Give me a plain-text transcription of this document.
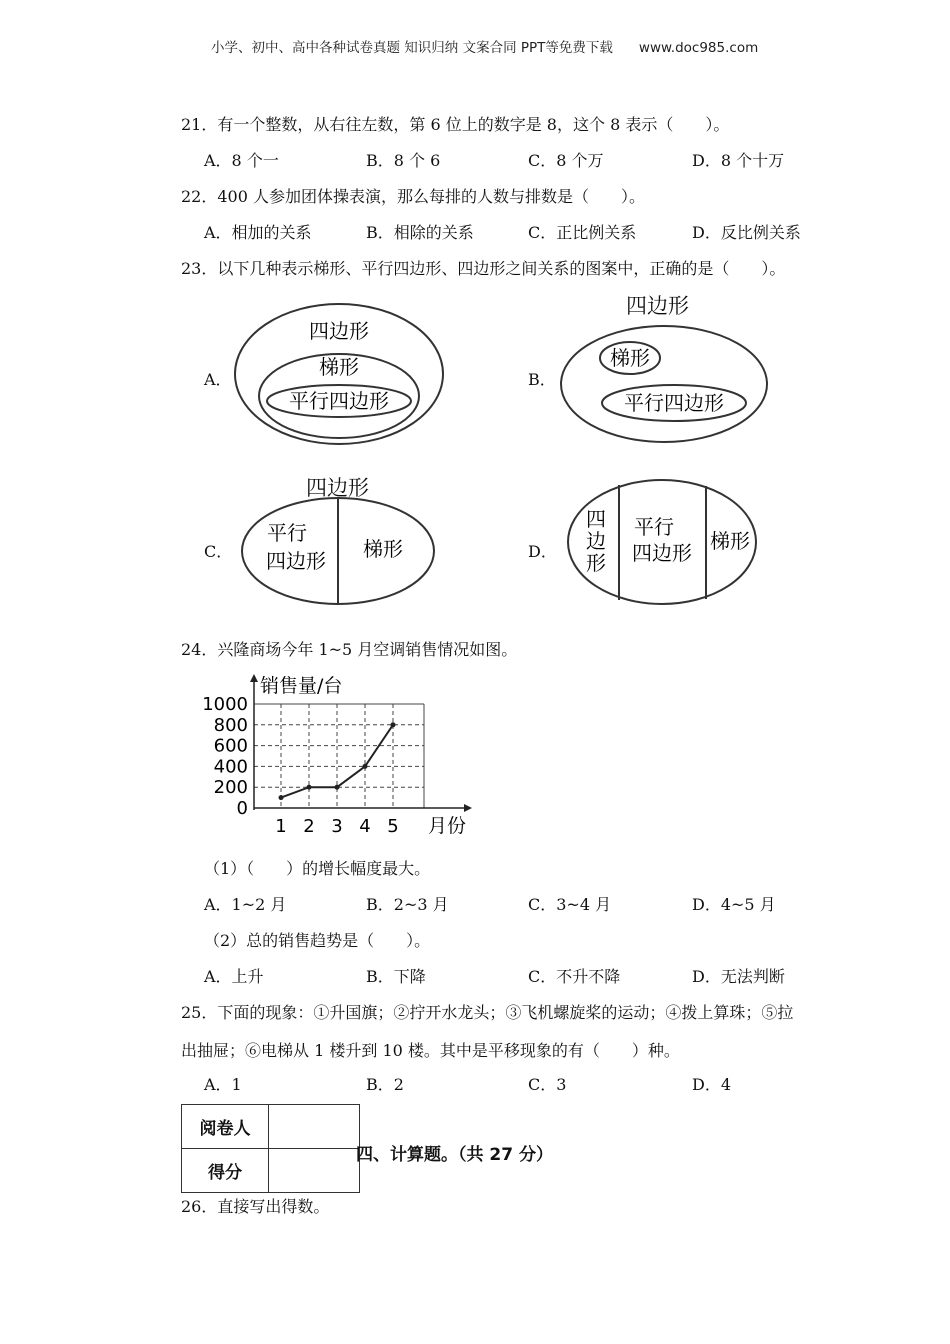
小学、初中、高中各种试卷真题 知识归纳 文案合同 PPT等免费下载 www.doc985.com
21．有一个整数，从右往左数，第 6 位上的数字是 8，这个 8 表示（　　）。
A．8 个一	B．8 个 6	C．8 个万	D．8 个十万
22．400 人参加团体操表演，那么每排的人数与排数是（　　）。
A．相加的关系	B．相除的关系	C．正比例关系	D．反比例关系
23．以下几种表示梯形、平行四边形、四边形之间关系的图案中，正确的是（　　）。
A．
四边形
梯形
平行四边形
B．
四边形
梯形
平行四边形
C．
四边形
平行
四边形 梯形	D．
四
边
形
平行
四边形 梯形
24．兴隆商场今年 1~5 月空调销售情况如图。
0
200
400
600
800
1000
1 2 3 4 5
销售量/台
月份
（1）（　　）的增长幅度最大。
A．1~2 月	B．2~3 月	C．3~4 月	D．4~5 月
（2）总的销售趋势是（　　）。
A．上升	B．下降	C．不升不降	D．无法判断
25．下面的现象：①升国旗；②拧开水龙头；③飞机螺旋桨的运动；④拨上算珠；⑤拉
出抽屉；⑥电梯从 1 楼升到 10 楼。其中是平移现象的有（　　）种。
A．1	B．2	C．3	D．4
阅卷人	
得分	
四、计算题。（共 27 分）
26．直接写出得数。
